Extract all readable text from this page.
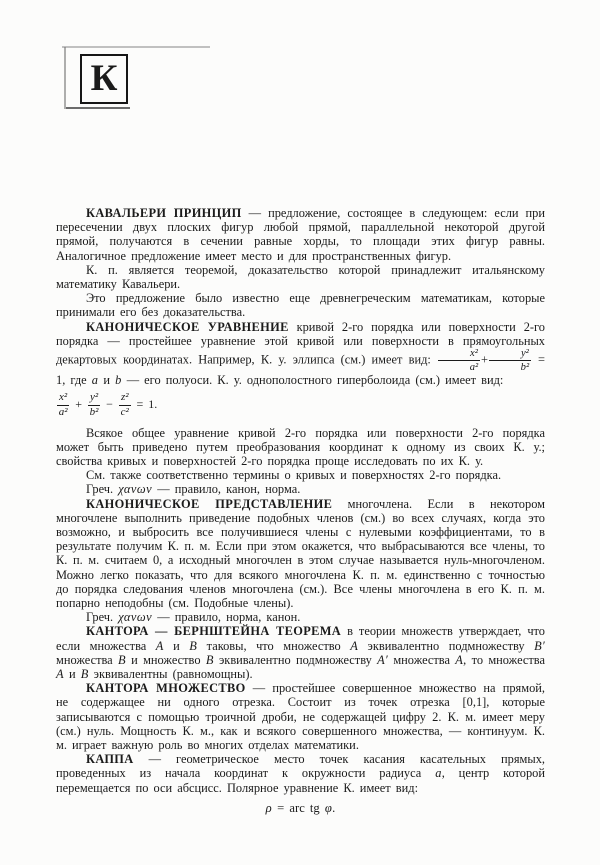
К

КАВАЛЬЕРИ ПРИНЦИП — предложение, состоящее в следующем: если при пересечении двух плоских фигур любой прямой, параллельной некоторой другой прямой, получаются в сечении равные хорды, то площади этих фигур равны. Аналогичное предложение имеет место и для пространственных фигур.

К. п. является теоремой, доказательство которой принадлежит итальянскому математику Кавальери.

Это предложение было известно еще древнегреческим математикам, которые принимали его без доказательства.

КАНОНИЧЕСКОЕ УРАВНЕНИЕ кривой 2-го порядка или поверхности 2-го порядка — простейшее уравнение этой кривой или поверхности в прямоугольных декартовых координатах. Например, К. у. эллипса (см.) имеет вид: $\frac{\text{x²}}{\text{a²}} + \frac{\text{y²}}{\text{b²}} = 1$, где a и b — его полуоси. К. у. однополостного гиперболоида (см.) имеет вид:

$\frac{\text{x²}}{\text{a²}} + \frac{\text{y²}}{\text{b²}} - \frac{\text{z²}}{\text{c²}} = 1$.

Всякое общее уравнение кривой 2-го порядка или поверхности 2-го порядка может быть приведено путем преобразования координат к одному из своих К. у.; свойства кривых и поверхностей 2-го порядка проще исследовать по их К. у.

См. также соответственно термины о кривых и поверхностях 2-го порядка.

Греч. χανων — правило, канон, норма.

КАНОНИЧЕСКОЕ ПРЕДСТАВЛЕНИЕ многочлена. Если в некотором многочлене выполнить приведение подобных членов (см.) во всех случаях, когда это возможно, и выбросить все получившиеся члены с нулевыми коэффициентами, то в результате получим К. п. м. Если при этом окажется, что выбрасываются все члены, то К. п. м. считаем 0, а исходный многочлен в этом случае называется нуль-многочленом. Можно легко показать, что для всякого многочлена К. п. м. единственно с точностью до порядка следования членов многочлена (см.). Все члены многочлена в его К. п. м. попарно неподобны (см. Подобные члены).

Греч. χανων — правило, норма, канон.

КАНТОРА — БЕРНШТЕЙНА ТЕОРЕМА в теории множеств утверждает, что если множества A и B таковы, что множество A эквивалентно подмножеству B′ множества B и множество B эквивалентно подмножеству A′ множества A, то множества A и B эквивалентны (равномощны).

КАНТОРА МНОЖЕСТВО — простейшее совершенное множество на прямой, не содержащее ни одного отрезка. Состоит из точек отрезка [0,1], которые записываются с помощью троичной дроби, не содержащей цифру 2. К. м. имеет меру (см.) нуль. Мощность К. м., как и всякого совершенного множества, — континуум. К. м. играет важную роль во многих отделах математики.

КАППА — геометрическое место точек касания касательных прямых, проведенных из начала координат к окружности радиуса a, центр которой перемещается по оси абсцисс. Полярное уравнение К. имеет вид:

ρ = arc tg φ.
